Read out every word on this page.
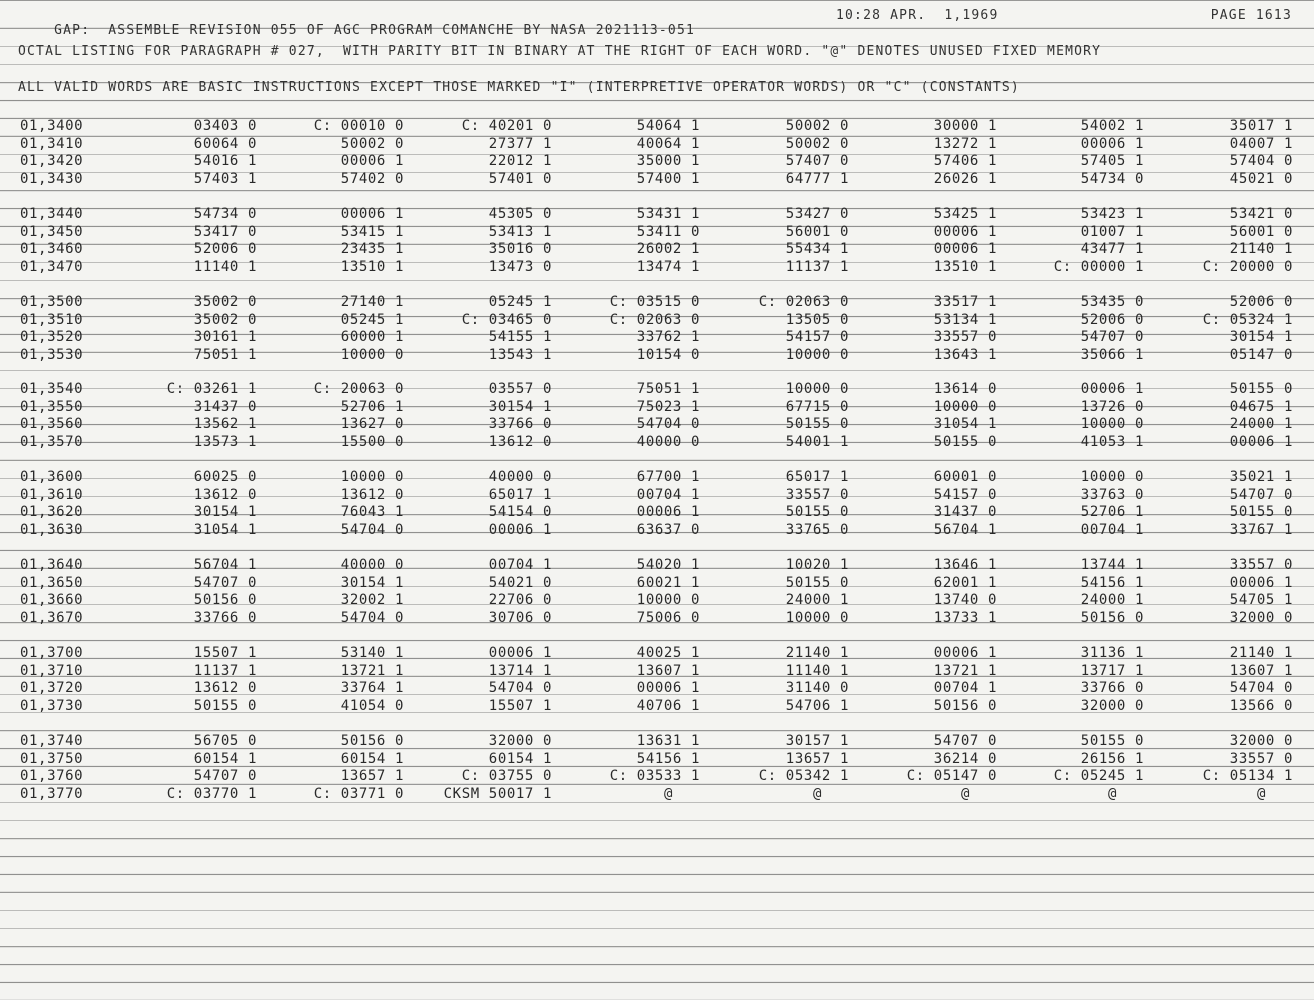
GAP:  ASSEMBLE REVISION 055 OF AGC PROGRAM COMANCHE BY NASA 2021113-051

10:28 APR.  1,1969

	PAGE 1613

OCTAL LISTING FOR PARAGRAPH # 027,  WITH PARITY BIT IN BINARY AT THE RIGHT OF EACH WORD. "@" DENOTES UNUSED FIXED MEMORY
ALL VALID WORDS ARE BASIC INSTRUCTIONS EXCEPT THOSE MARKED "I" (INTERPRETIVE OPERATOR WORDS) OR "C" (CONSTANTS)
01,3400	03403 0	C: 00010 0	C: 40201 0	54064 1	50002 0	30000 1	54002 1	35017 1
01,3410	60064 0	50002 0	27377 1	40064 1	50002 0	13272 1	00006 1	04007 1
01,3420	54016 1	00006 1	22012 1	35000 1	57407 0	57406 1	57405 1	57404 0
01,3430	57403 1	57402 0	57401 0	57400 1	64777 1	26026 1	54734 0	45021 0
01,3440	54734 0	00006 1	45305 0	53431 1	53427 0	53425 1	53423 1	53421 0
01,3450	53417 0	53415 1	53413 1	53411 0	56001 0	00006 1	01007 1	56001 0
01,3460	52006 0	23435 1	35016 0	26002 1	55434 1	00006 1	43477 1	21140 1
01,3470	11140 1	13510 1	13473 0	13474 1	11137 1	13510 1	C: 00000 1	C: 20000 0
01,3500	35002 0	27140 1	05245 1	C: 03515 0	C: 02063 0	33517 1	53435 0	52006 0
01,3510	35002 0	05245 1	C: 03465 0	C: 02063 0	13505 0	53134 1	52006 0	C: 05324 1
01,3520	30161 1	60000 1	54155 1	33762 1	54157 0	33557 0	54707 0	30154 1
01,3530	75051 1	10000 0	13543 1	10154 0	10000 0	13643 1	35066 1	05147 0
01,3540	C: 03261 1	C: 20063 0	03557 0	75051 1	10000 0	13614 0	00006 1	50155 0
01,3550	31437 0	52706 1	30154 1	75023 1	67715 0	10000 0	13726 0	04675 1
01,3560	13562 1	13627 0	33766 0	54704 0	50155 0	31054 1	10000 0	24000 1
01,3570	13573 1	15500 0	13612 0	40000 0	54001 1	50155 0	41053 1	00006 1
01,3600	60025 0	10000 0	40000 0	67700 1	65017 1	60001 0	10000 0	35021 1
01,3610	13612 0	13612 0	65017 1	00704 1	33557 0	54157 0	33763 0	54707 0
01,3620	30154 1	76043 1	54154 0	00006 1	50155 0	31437 0	52706 1	50155 0
01,3630	31054 1	54704 0	00006 1	63637 0	33765 0	56704 1	00704 1	33767 1
01,3640	56704 1	40000 0	00704 1	54020 1	10020 1	13646 1	13744 1	33557 0
01,3650	54707 0	30154 1	54021 0	60021 1	50155 0	62001 1	54156 1	00006 1
01,3660	50156 0	32002 1	22706 0	10000 0	24000 1	13740 0	24000 1	54705 1
01,3670	33766 0	54704 0	30706 0	75006 0	10000 0	13733 1	50156 0	32000 0
01,3700	15507 1	53140 1	00006 1	40025 1	21140 1	00006 1	31136 1	21140 1
01,3710	11137 1	13721 1	13714 1	13607 1	11140 1	13721 1	13717 1	13607 1
01,3720	13612 0	33764 1	54704 0	00006 1	31140 0	00704 1	33766 0	54704 0
01,3730	50155 0	41054 0	15507 1	40706 1	54706 1	50156 0	32000 0	13566 0
01,3740	56705 0	50156 0	32000 0	13631 1	30157 1	54707 0	50155 0	32000 0
01,3750	60154 1	60154 1	60154 1	54156 1	13657 1	36214 0	26156 1	33557 0
01,3760	54707 0	13657 1	C: 03755 0	C: 03533 1	C: 05342 1	C: 05147 0	C: 05245 1	C: 05134 1
01,3770	C: 03770 1	C: 03771 0	CKSM 50017 1	@	@	@	@	@
